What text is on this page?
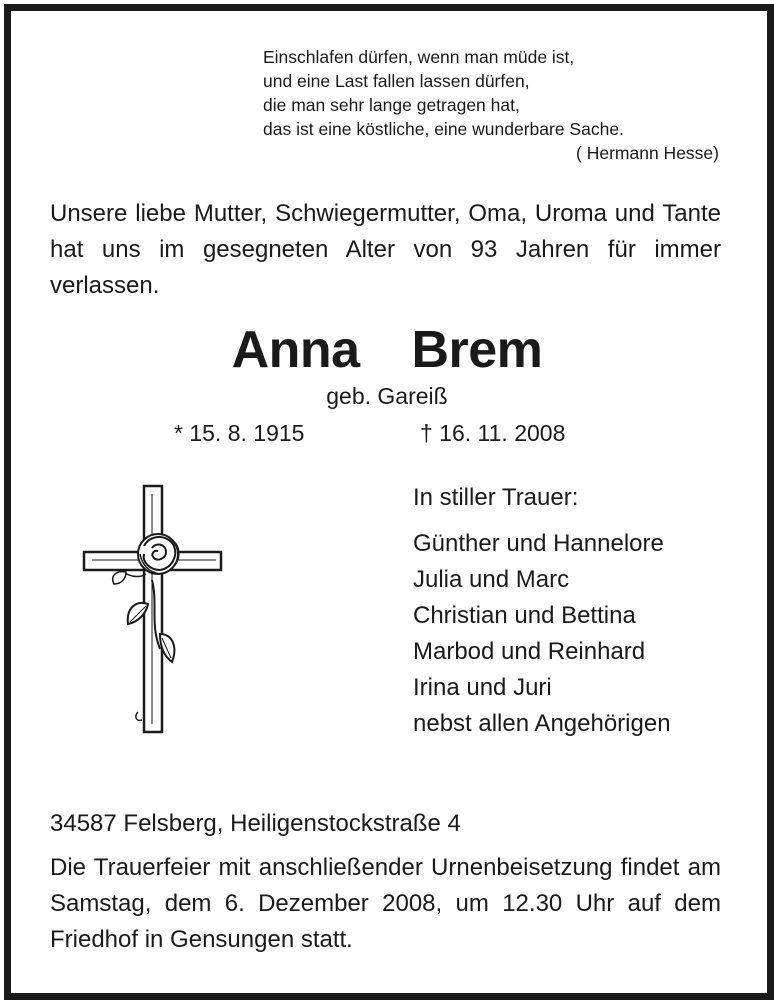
Einschlafen dürfen, wenn man müde ist,
und eine Last fallen lassen dürfen,
die man sehr lange getragen hat,
das ist eine köstliche, eine wunderbare Sache.
( Hermann Hesse)
Unsere liebe Mutter, Schwiegermutter, Oma, Uroma und Tante hat uns im gesegneten Alter von 93 Jahren für immer verlassen.
Anna  Brem
geb. Gareiß
* 15. 8. 1915	† 16. 11. 2008
In stiller Trauer:
Günther und Hannelore
Julia und Marc
Christian und Bettina
Marbod und Reinhard
Irina und Juri
nebst allen Angehörigen
34587 Felsberg, Heiligenstockstraße 4
Die Trauerfeier mit anschließender Urnenbeisetzung findet am Samstag, dem 6. Dezember 2008, um 12.30 Uhr auf dem Friedhof in Gensungen statt.
